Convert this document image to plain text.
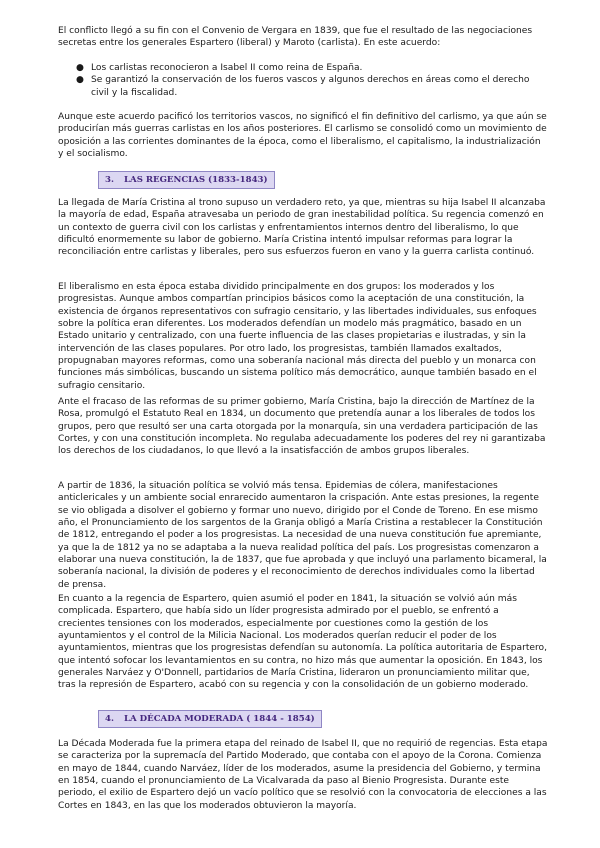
El conflicto llegó a su fin con el Convenio de Vergara en 1839, que fue el resultado de las negociaciones secretas entre los generales Espartero (liberal) y Maroto (carlista). En este acuerdo:

● Los carlistas reconocieron a Isabel II como reina de España.
● Se garantizó la conservación de los fueros vascos y algunos derechos en áreas como el derecho civil y la fiscalidad.

Aunque este acuerdo pacificó los territorios vascos, no significó el fin definitivo del carlismo, ya que aún se producirían más guerras carlistas en los años posteriores. El carlismo se consolidó como un movimiento de oposición a las corrientes dominantes de la época, como el liberalismo, el capitalismo, la industrialización y el socialismo.

3. LAS REGENCIAS (1833-1843)

La llegada de María Cristina al trono supuso un verdadero reto, ya que, mientras su hija Isabel II alcanzaba la mayoría de edad, España atravesaba un periodo de gran inestabilidad política. Su regencia comenzó en un contexto de guerra civil con los carlistas y enfrentamientos internos dentro del liberalismo, lo que dificultó enormemente su labor de gobierno. María Cristina intentó impulsar reformas para lograr la reconciliación entre carlistas y liberales, pero sus esfuerzos fueron en vano y la guerra carlista continuó.

El liberalismo en esta época estaba dividido principalmente en dos grupos: los moderados y los progresistas. Aunque ambos compartían principios básicos como la aceptación de una constitución, la existencia de órganos representativos con sufragio censitario, y las libertades individuales, sus enfoques sobre la política eran diferentes. Los moderados defendían un modelo más pragmático, basado en un Estado unitario y centralizado, con una fuerte influencia de las clases propietarias e ilustradas, y sin la intervención de las clases populares. Por otro lado, los progresistas, también llamados exaltados, propugnaban mayores reformas, como una soberanía nacional más directa del pueblo y un monarca con funciones más simbólicas, buscando un sistema político más democrático, aunque también basado en el sufragio censitario.

Ante el fracaso de las reformas de su primer gobierno, María Cristina, bajo la dirección de Martínez de la Rosa, promulgó el Estatuto Real en 1834, un documento que pretendía aunar a los liberales de todos los grupos, pero que resultó ser una carta otorgada por la monarquía, sin una verdadera participación de las Cortes, y con una constitución incompleta. No regulaba adecuadamente los poderes del rey ni garantizaba los derechos de los ciudadanos, lo que llevó a la insatisfacción de ambos grupos liberales.

A partir de 1836, la situación política se volvió más tensa. Epidemias de cólera, manifestaciones anticlericales y un ambiente social enrarecido aumentaron la crispación. Ante estas presiones, la regente se vio obligada a disolver el gobierno y formar uno nuevo, dirigido por el Conde de Toreno. En ese mismo año, el Pronunciamiento de los sargentos de la Granja obligó a María Cristina a restablecer la Constitución de 1812, entregando el poder a los progresistas. La necesidad de una nueva constitución fue apremiante, ya que la de 1812 ya no se adaptaba a la nueva realidad política del país. Los progresistas comenzaron a elaborar una nueva constitución, la de 1837, que fue aprobada y que incluyó una parlamento bicameral, la soberanía nacional, la división de poderes y el reconocimiento de derechos individuales como la libertad de prensa.

En cuanto a la regencia de Espartero, quien asumió el poder en 1841, la situación se volvió aún más complicada. Espartero, que había sido un líder progresista admirado por el pueblo, se enfrentó a crecientes tensiones con los moderados, especialmente por cuestiones como la gestión de los ayuntamientos y el control de la Milicia Nacional. Los moderados querían reducir el poder de los ayuntamientos, mientras que los progresistas defendían su autonomía. La política autoritaria de Espartero, que intentó sofocar los levantamientos en su contra, no hizo más que aumentar la oposición. En 1843, los generales Narváez y O'Donnell, partidarios de María Cristina, lideraron un pronunciamiento militar que, tras la represión de Espartero, acabó con su regencia y con la consolidación de un gobierno moderado.

4. LA DÉCADA MODERADA ( 1844 - 1854)

La Década Moderada fue la primera etapa del reinado de Isabel II, que no requirió de regencias. Esta etapa se caracteriza por la supremacía del Partido Moderado, que contaba con el apoyo de la Corona. Comienza en mayo de 1844, cuando Narváez, líder de los moderados, asume la presidencia del Gobierno, y termina en 1854, cuando el pronunciamiento de La Vicalvarada da paso al Bienio Progresista. Durante este periodo, el exilio de Espartero dejó un vacío político que se resolvió con la convocatoria de elecciones a las Cortes en 1843, en las que los moderados obtuvieron la mayoría.
